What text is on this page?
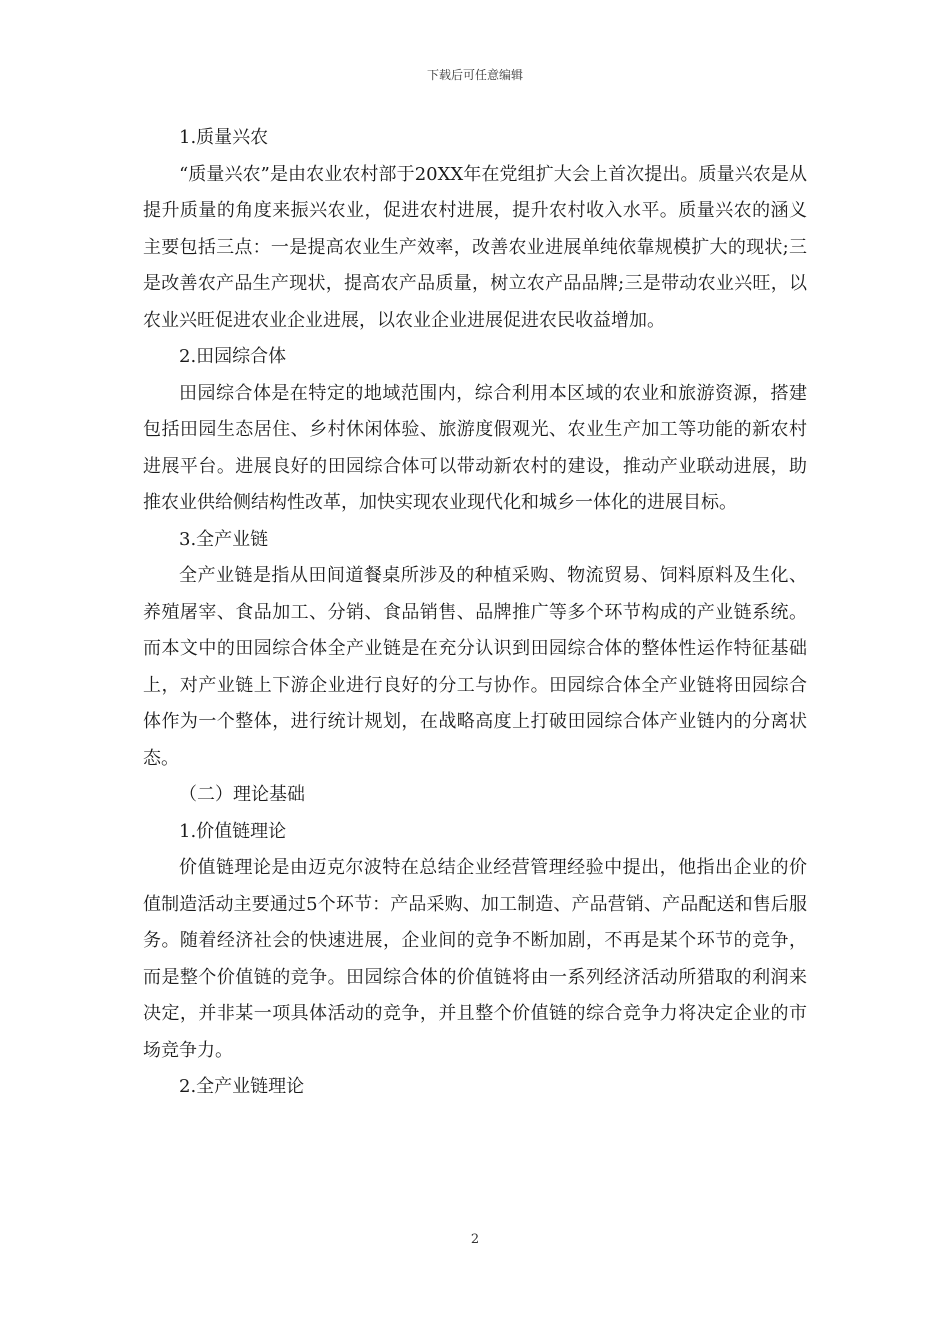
下载后可任意编辑

1.质量兴农

“质量兴农”是由农业农村部于20XX年在党组扩大会上首次提出。质量兴农是从提升质量的角度来振兴农业，促进农村进展，提升农村收入水平。质量兴农的涵义主要包括三点：一是提高农业生产效率，改善农业进展单纯依靠规模扩大的现状;三是改善农产品生产现状，提高农产品质量，树立农产品品牌;三是带动农业兴旺，以农业兴旺促进农业企业进展，以农业企业进展促进农民收益增加。

2.田园综合体

田园综合体是在特定的地域范围内，综合利用本区域的农业和旅游资源，搭建包括田园生态居住、乡村休闲体验、旅游度假观光、农业生产加工等功能的新农村进展平台。进展良好的田园综合体可以带动新农村的建设，推动产业联动进展，助推农业供给侧结构性改革，加快实现农业现代化和城乡一体化的进展目标。

3.全产业链

全产业链是指从田间道餐桌所涉及的种植采购、物流贸易、饲料原料及生化、养殖屠宰、食品加工、分销、食品销售、品牌推广等多个环节构成的产业链系统。而本文中的田园综合体全产业链是在充分认识到田园综合体的整体性运作特征基础上，对产业链上下游企业进行良好的分工与协作。田园综合体全产业链将田园综合体作为一个整体，进行统计规划，在战略高度上打破田园综合体产业链内的分离状态。

（二）理论基础

1.价值链理论

价值链理论是由迈克尔波特在总结企业经营管理经验中提出，他指出企业的价值制造活动主要通过5个环节：产品采购、加工制造、产品营销、产品配送和售后服务。随着经济社会的快速进展，企业间的竞争不断加剧，不再是某个环节的竞争，而是整个价值链的竞争。田园综合体的价值链将由一系列经济活动所猎取的利润来决定，并非某一项具体活动的竞争，并且整个价值链的综合竞争力将决定企业的市场竞争力。

2.全产业链理论

2
